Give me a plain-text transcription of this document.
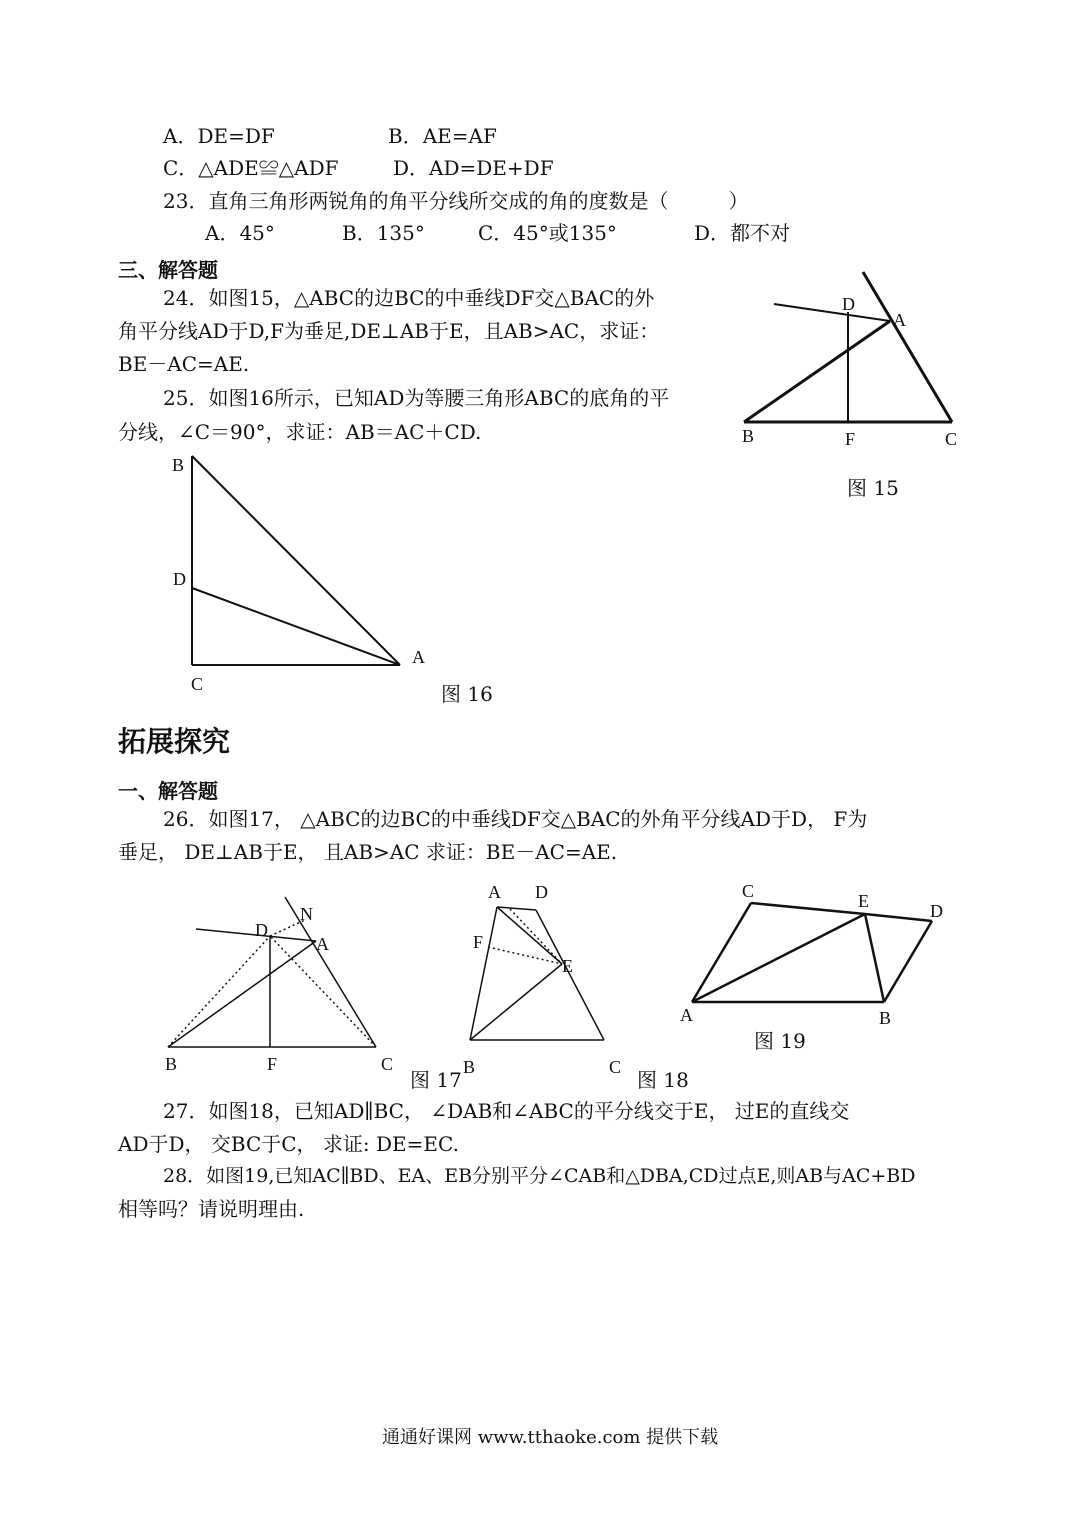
A．DE=DF	B．AE=AF
C．△ADE≌△ADF	D．AD=DE+DF
23．直角三角形两锐角的角平分线所交成的角的度数是（　　　）
A．45°	B．135°	C．45°或135°	D．都不对
三、解答题
24．如图15，△ABC的边BC的中垂线DF交△BAC的外
角平分线AD于D,F为垂足,DE⊥AB于E，且AB>AC，求证：
BE－AC=AE.
25．如图16所示，已知AD为等腰三角形ABC的底角的平
分线，∠C＝90°，求证：AB＝AC＋CD.
D
A
B	F	C
图 15
B
D
C
A
图 16
拓展探究
一、解答题
26．如图17， △ABC的边BC的中垂线DF交△BAC的外角平分线AD于D， F为
垂足， DE⊥AB于E， 且AB>AC 求证：BE－AC=AE.
D
N
A
B	F	C
图 17
A D
F
E
B	C
图 18
C	E	D
A	B
图 19
27．如图18，已知AD∥BC， ∠DAB和∠ABC的平分线交于E， 过E的直线交
AD于D， 交BC于C， 求证: DE=EC.
28．如图19,已知AC∥BD、EA、EB分别平分∠CAB和△DBA,CD过点E,则AB与AC+BD
相等吗？请说明理由.
通通好课网 www.tthaoke.com 提供下载
